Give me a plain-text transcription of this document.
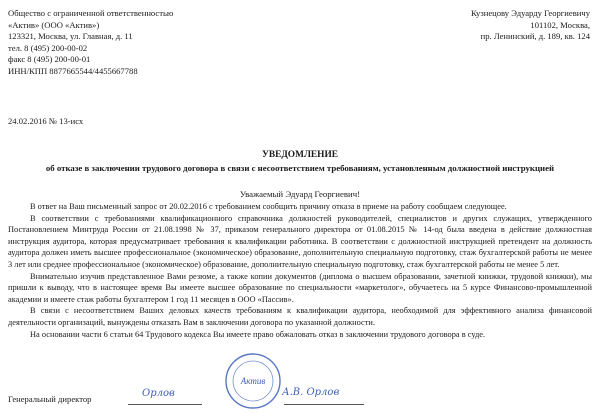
Общество с ограниченной ответственностью
«Актив» (ООО «Актив»)
123321, Москва, ул. Главная, д. 11
тел. 8 (495) 200-00-02
факс 8 (495) 200-00-01
ИНН/КПП 8877665544/4455667788
Кузнецову Эдуарду Георгиевичу
101102, Москва,
пр. Ленинский, д. 189, кв. 124
24.02.2016 № 13-исх
УВЕДОМЛЕНИЕ
об отказе в заключении трудового договора в связи с несоответствием требованиям, установленным должностной инструкцией
Уважаемый Эдуард Георгиевич!

В ответ на Ваш письменный запрос от 20.02.2016 с требованием сообщить причину отказа в приеме на работу сообщаем следующее.

В соответствии с требованиями квалификационного справочника должностей руководителей, специалистов и других служащих, утвержденного Постановлением Минтруда России от 21.08.1998 № 37, приказом генерального директора от 01.08.2015 № 14-од была введена в действие должностная инструкция аудитора, которая предусматривает требования к квалификации работника. В соответствии с должностной инструкцией претендент на должность аудитора должен иметь высшее профессиональное (экономическое) образование, дополнительную специальную подготовку, стаж бухгалтерской работы не менее 3 лет или среднее профессиональное (экономическое) образование, дополнительную специальную подготовку, стаж бухгалтерской работы не менее 5 лет.

Внимательно изучив представленное Вами резюме, а также копии документов (диплома о высшем образовании, зачетной книжки, трудовой книжки), мы пришли к выводу, что в настоящее время Вы имеете высшее образование по специальности «маркетолог», обучаетесь на 5 курсе Финансово-промышленной академии и имеете стаж работы бухгалтером 1 год 11 месяцев в ООО «Пассив».

В связи с несоответствием Ваших деловых качеств требованиям к квалификации аудитора, необходимой для эффективного анализа финансовой деятельности организаций, вынуждены отказать Вам в заключении договора по указанной должности.

На основании части 6 статьи 64 Трудового кодекса Вы имеете право обжаловать отказ в заключении трудового договора в суде.

Актив
Генеральный директор	Орлов	А.В. Орлов
